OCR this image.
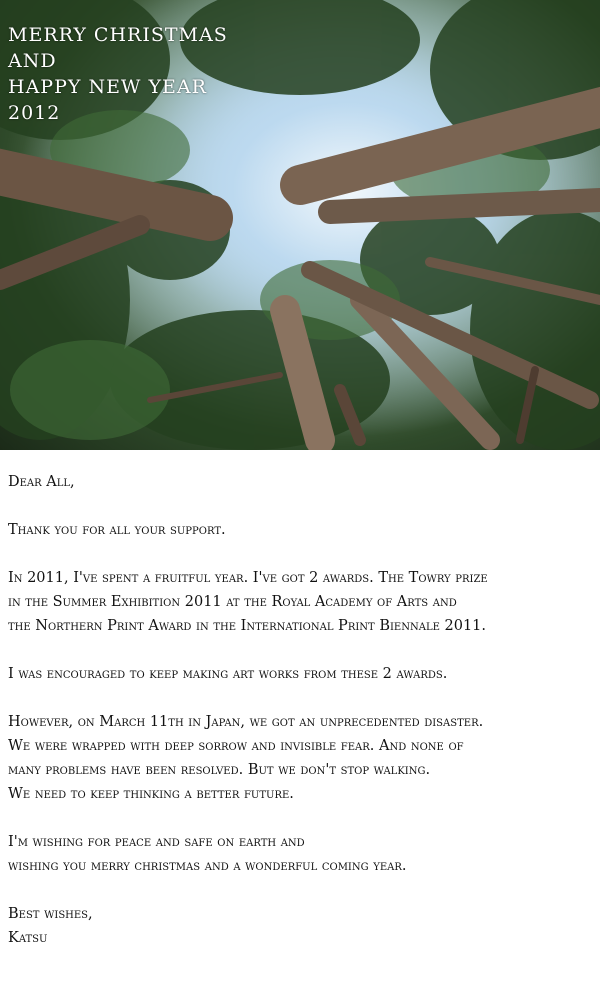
MERRY CHRISTMAS
AND
HAPPY NEW YEAR
2012

Dear All,

Thank you for all your support.

In 2011, I've spent a fruitful year. I've got 2 awards. The Towry prize

in the Summer Exhibition 2011 at the Royal Academy of Arts and

the Northern Print Award in the International Print Biennale 2011.

I was encouraged to keep making art works from these 2 awards.

However, on March 11th in Japan, we got an unprecedented disaster.

We were wrapped with deep sorrow and invisible fear. And none of

many problems have been resolved. But we don't stop walking.

We need to keep thinking a better future.

I'm wishing for peace and safe on earth and

wishing you merry christmas and a wonderful coming year.

Best wishes,

Katsu
